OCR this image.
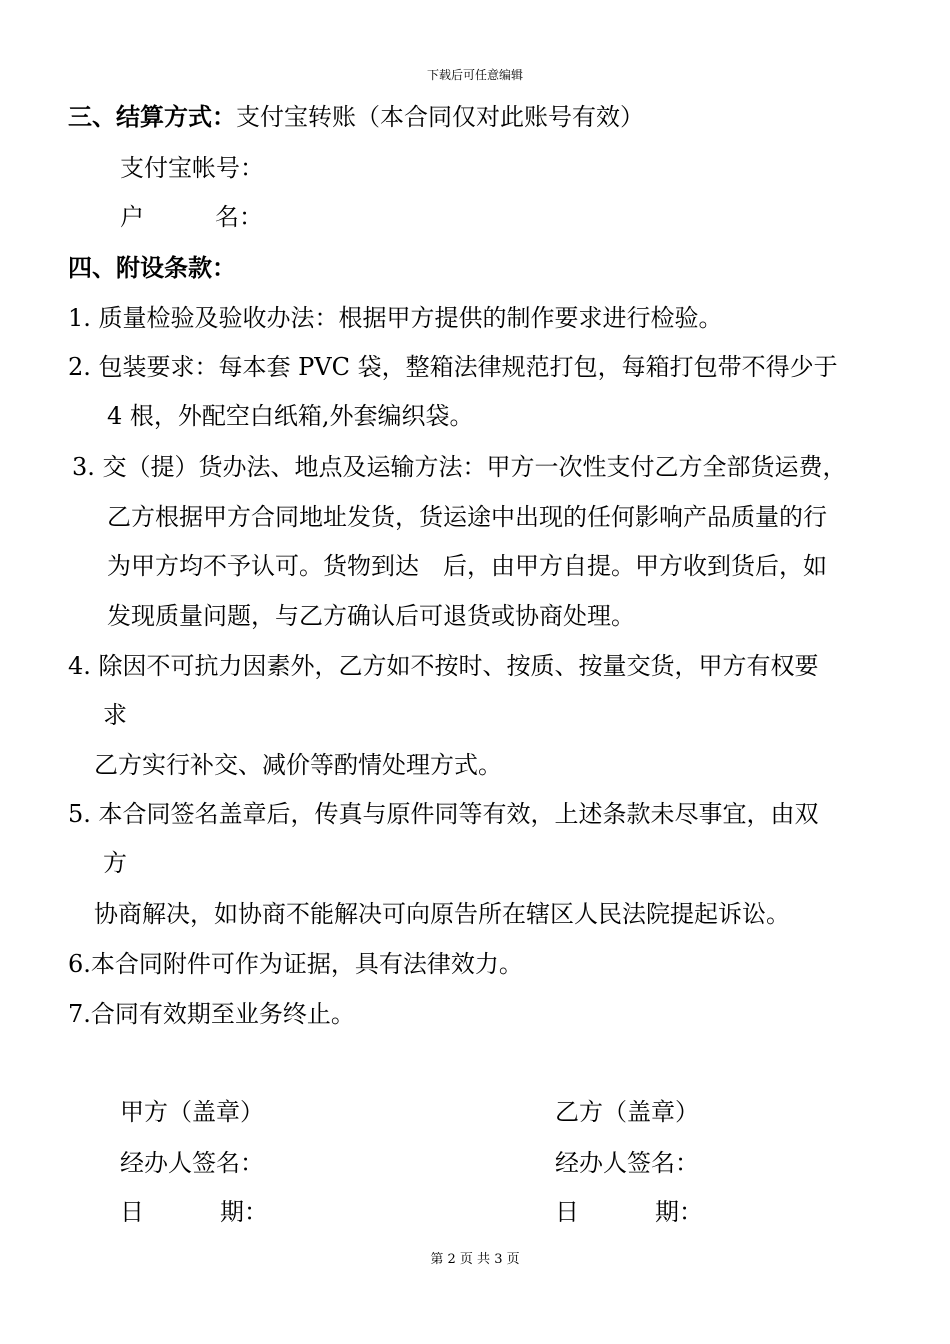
下载后可任意编辑
三、结算方式：支付宝转账（本合同仅对此账号有效）
支付宝帐号：
户	名：
四、附设条款：
1. 质量检验及验收办法：根据甲方提供的制作要求进行检验。
2. 包装要求：每本套 PVC 袋，整箱法律规范打包，每箱打包带不得少于
4 根，外配空白纸箱,外套编织袋。
3. 交（提）货办法、地点及运输方法：甲方一次性支付乙方全部货运费，
乙方根据甲方合同地址发货，货运途中出现的任何影响产品质量的行
为甲方均不予认可。货物到达　后，由甲方自提。甲方收到货后，如
发现质量问题，与乙方确认后可退货或协商处理。
4. 除因不可抗力因素外，乙方如不按时、按质、按量交货，甲方有权要
求
乙方实行补交、减价等酌情处理方式。
5. 本合同签名盖章后，传真与原件同等有效，上述条款未尽事宜，由双
方
协商解决，如协商不能解决可向原告所在辖区人民法院提起诉讼。
6.本合同附件可作为证据，具有法律效力。
7.合同有效期至业务终止。
甲方（盖章）	乙方（盖章）
经办人签名：	经办人签名：
日	期：	日	期：
第 2 页 共 3 页
